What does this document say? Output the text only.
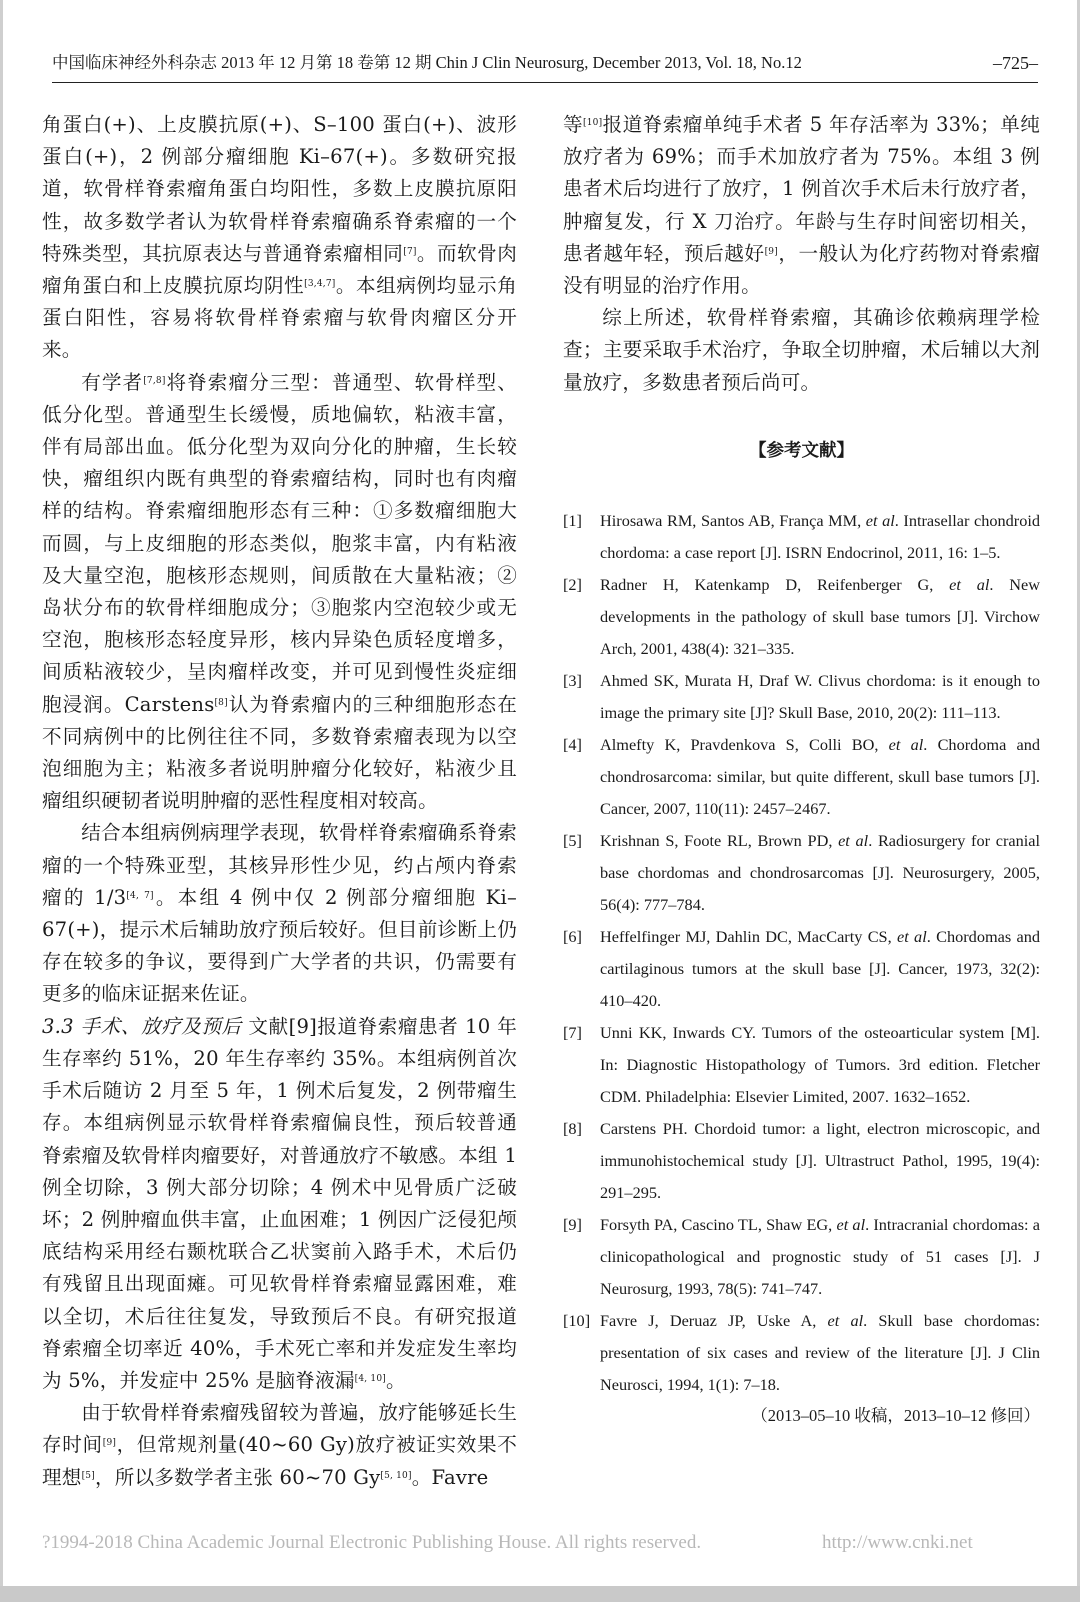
中国临床神经外科杂志 2013 年 12 月第 18 卷第 12 期 Chin J Clin Neurosurg, December 2013, Vol. 18, No.12	–725–

角蛋白(+)、上皮膜抗原(+)、S–100 蛋白(+)、波形蛋白(+)，2 例部分瘤细胞 Ki–67(+)。多数研究报道，软骨样脊索瘤角蛋白均阳性，多数上皮膜抗原阳性，故多数学者认为软骨样脊索瘤确系脊索瘤的一个特殊类型，其抗原表达与普通脊索瘤相同[7]。而软骨肉瘤角蛋白和上皮膜抗原均阴性[3,4,7]。本组病例均显示角蛋白阳性，容易将软骨样脊索瘤与软骨肉瘤区分开来。

有学者[7,8]将脊索瘤分三型：普通型、软骨样型、低分化型。普通型生长缓慢，质地偏软，粘液丰富，伴有局部出血。低分化型为双向分化的肿瘤，生长较快，瘤组织内既有典型的脊索瘤结构，同时也有肉瘤样的结构。脊索瘤细胞形态有三种：①多数瘤细胞大而圆，与上皮细胞的形态类似，胞浆丰富，内有粘液及大量空泡，胞核形态规则，间质散在大量粘液；②岛状分布的软骨样细胞成分；③胞浆内空泡较少或无空泡，胞核形态轻度异形，核内异染色质轻度增多，间质粘液较少，呈肉瘤样改变，并可见到慢性炎症细胞浸润。Carstens[8]认为脊索瘤内的三种细胞形态在不同病例中的比例往往不同，多数脊索瘤表现为以空泡细胞为主；粘液多者说明肿瘤分化较好，粘液少且瘤组织硬韧者说明肿瘤的恶性程度相对较高。

结合本组病例病理学表现，软骨样脊索瘤确系脊索瘤的一个特殊亚型，其核异形性少见，约占颅内脊索瘤的 1/3[4, 7]。本组 4 例中仅 2 例部分瘤细胞 Ki–67(+)，提示术后辅助放疗预后较好。但目前诊断上仍存在较多的争议，要得到广大学者的共识，仍需要有更多的临床证据来佐证。

3.3 手术、放疗及预后 文献[9]报道脊索瘤患者 10 年生存率约 51%，20 年生存率约 35%。本组病例首次手术后随访 2 月至 5 年，1 例术后复发，2 例带瘤生存。本组病例显示软骨样脊索瘤偏良性，预后较普通脊索瘤及软骨样肉瘤要好，对普通放疗不敏感。本组 1 例全切除，3 例大部分切除；4 例术中见骨质广泛破坏；2 例肿瘤血供丰富，止血困难；1 例因广泛侵犯颅底结构采用经右颞枕联合乙状窦前入路手术，术后仍有残留且出现面瘫。可见软骨样脊索瘤显露困难，难以全切，术后往往复发，导致预后不良。有研究报道脊索瘤全切率近 40%，手术死亡率和并发症发生率均为 5%，并发症中 25% 是脑脊液漏[4, 10]。

由于软骨样脊索瘤残留较为普遍，放疗能够延长生存时间[9]，但常规剂量(40~60 Gy)放疗被证实效果不理想[5]，所以多数学者主张 60~70 Gy[5, 10]。Favre

等[10]报道脊索瘤单纯手术者 5 年存活率为 33%；单纯放疗者为 69%；而手术加放疗者为 75%。本组 3 例患者术后均进行了放疗，1 例首次手术后未行放疗者，肿瘤复发，行 X 刀治疗。年龄与生存时间密切相关，患者越年轻，预后越好[9]，一般认为化疗药物对脊索瘤没有明显的治疗作用。

综上所述，软骨样脊索瘤，其确诊依赖病理学检查；主要采取手术治疗，争取全切肿瘤，术后辅以大剂量放疗，多数患者预后尚可。

【参考文献】
[1]	Hirosawa RM, Santos AB, França MM, et al. Intrasellar chondroid chordoma: a case report [J]. ISRN Endocrinol, 2011, 16: 1–5.
[2]	Radner H, Katenkamp D, Reifenberger G, et al. New developments in the pathology of skull base tumors [J]. Virchow Arch, 2001, 438(4): 321–335.
[3]	Ahmed SK, Murata H, Draf W. Clivus chordoma: is it enough to image the primary site [J]? Skull Base, 2010, 20(2): 111–113.
[4]	Almefty K, Pravdenkova S, Colli BO, et al. Chordoma and chondrosarcoma: similar, but quite different, skull base tumors [J]. Cancer, 2007, 110(11): 2457–2467.
[5]	Krishnan S, Foote RL, Brown PD, et al. Radiosurgery for cranial base chordomas and chondrosarcomas [J]. Neurosurgery, 2005, 56(4): 777–784.
[6]	Heffelfinger MJ, Dahlin DC, MacCarty CS, et al. Chordomas and cartilaginous tumors at the skull base [J]. Cancer, 1973, 32(2): 410–420.
[7]	Unni KK, Inwards CY. Tumors of the osteoarticular system [M]. In: Diagnostic Histopathology of Tumors. 3rd edition. Fletcher CDM. Philadelphia: Elsevier Limited, 2007. 1632–1652.
[8]	Carstens PH. Chordoid tumor: a light, electron microscopic, and immunohistochemical study [J]. Ultrastruct Pathol, 1995, 19(4): 291–295.
[9]	Forsyth PA, Cascino TL, Shaw EG, et al. Intracranial chordomas: a clinicopathological and prognostic study of 51 cases [J]. J Neurosurg, 1993, 78(5): 741–747.
[10] Favre J, Deruaz JP, Uske A, et al. Skull base chordomas: presentation of six cases and review of the literature [J]. J Clin Neurosci, 1994, 1(1): 7–18.
（2013–05–10 收稿，2013–10–12 修回）
?1994-2018 China Academic Journal Electronic Publishing House. All rights reserved.	http://www.cnki.net
